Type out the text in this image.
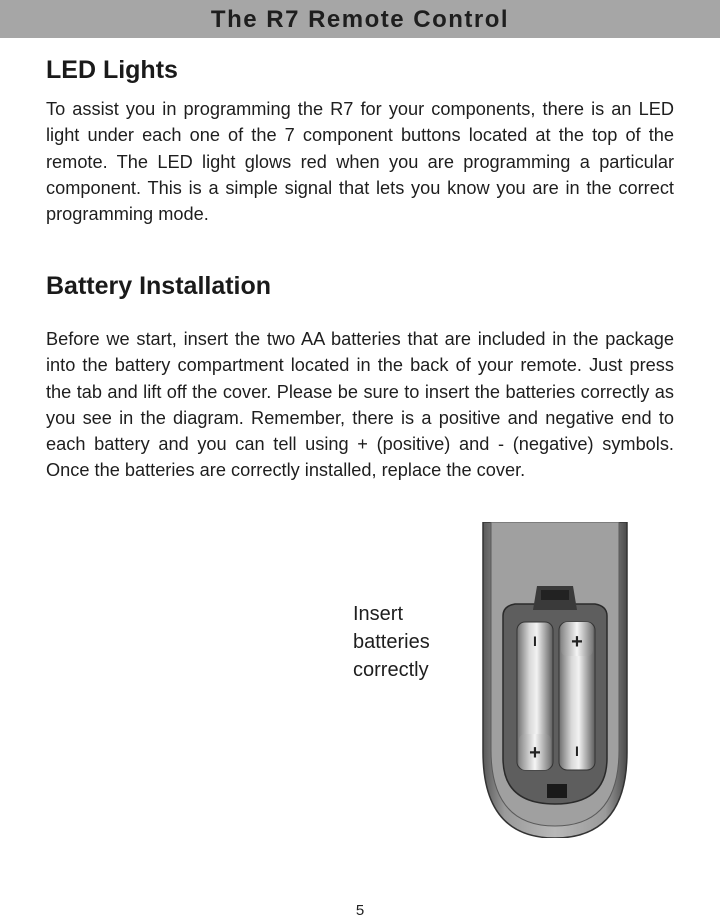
The R7 Remote Control
LED Lights

To assist you in programming the R7 for your components, there is an LED light under each one of the 7 component buttons located at the top of the remote. The LED light glows red when you are programming a particular component. This is a simple signal that lets you know you are in the correct programming mode.

Battery Installation

Before we start, insert the two AA batteries that are included in the package into the battery compartment located in the back of your remote. Just press the tab and lift off the cover. Please be sure to insert the batteries correctly as you see in the diagram. Remember, there is a positive and negative end to each battery and you can tell using + (positive) and - (negative) symbols. Once the batteries are correctly installed, replace the cover.

Insert
batteries
correctly
I
+
+
I
5
